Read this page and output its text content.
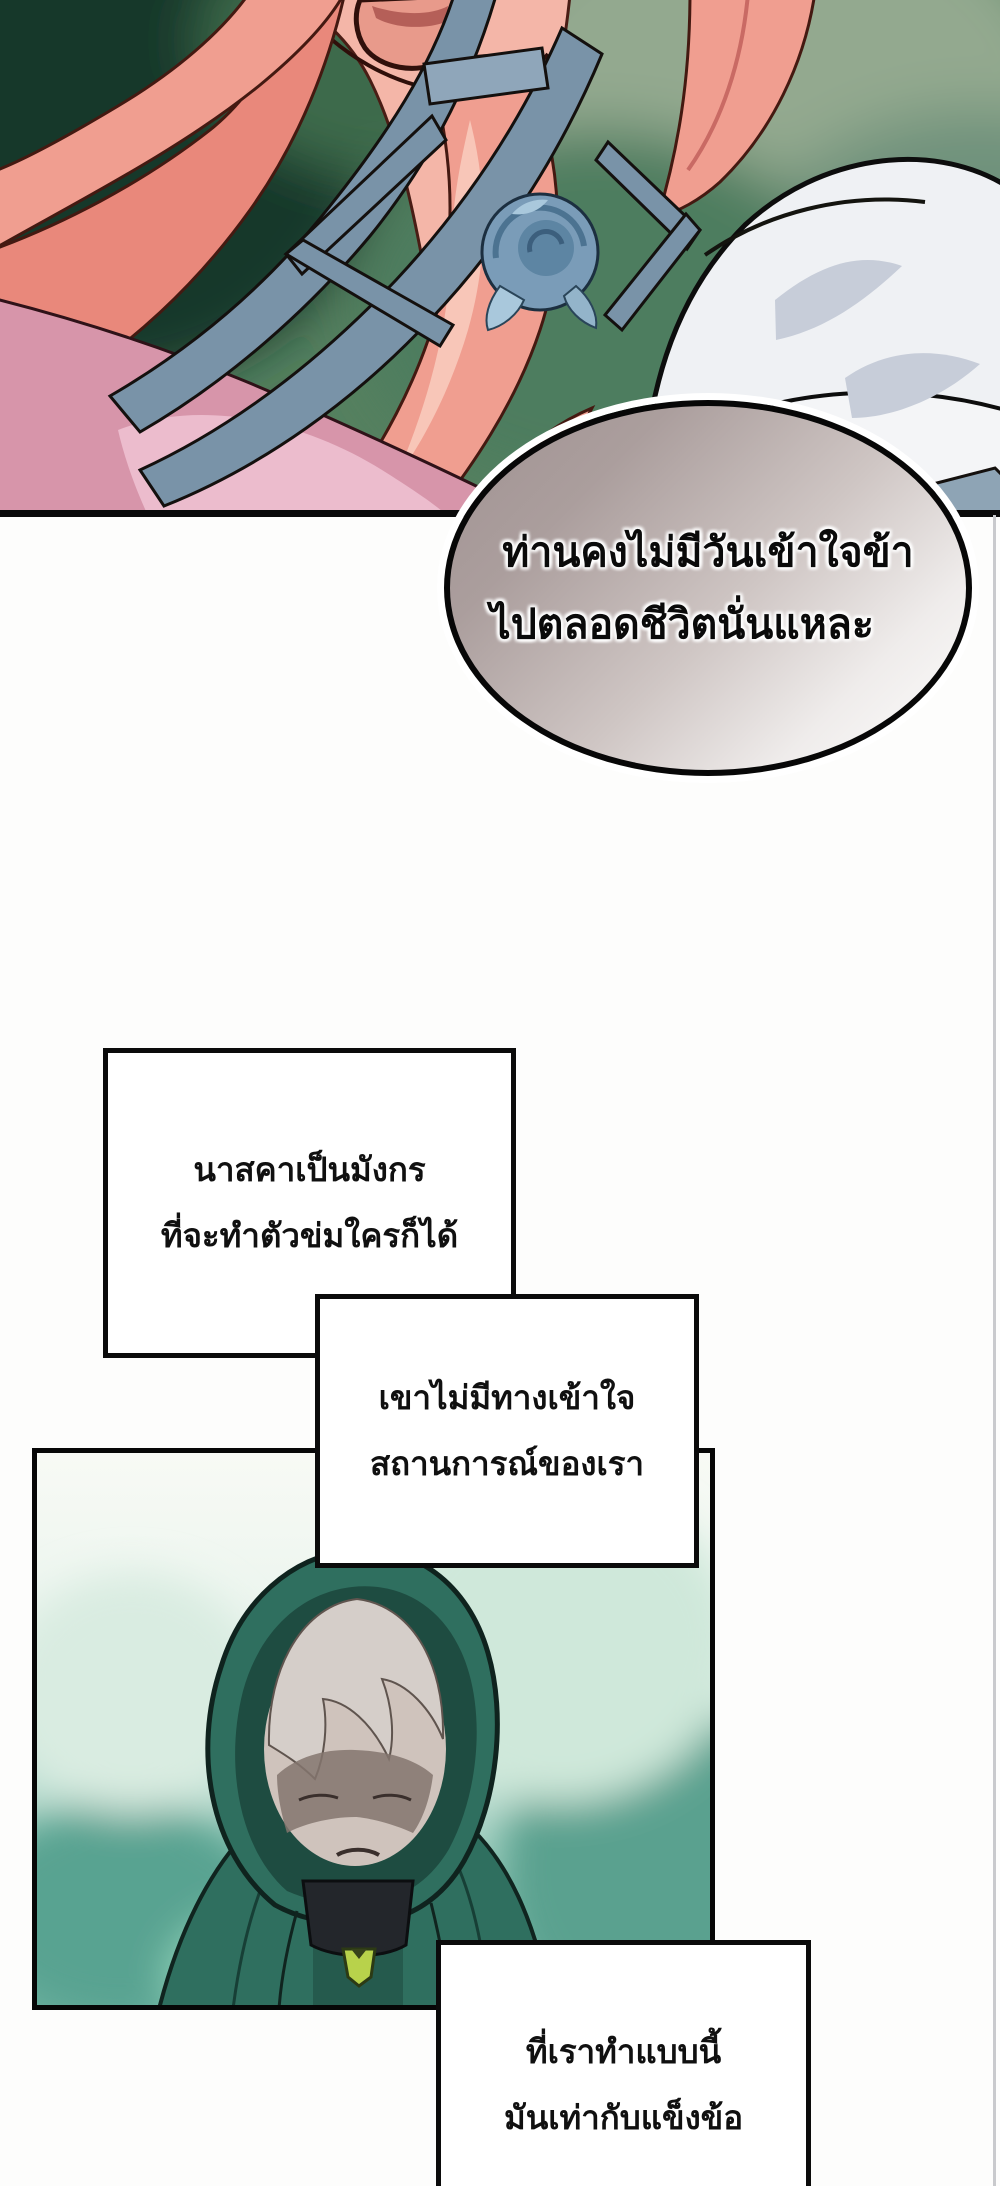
ท่านคงไม่มีวันเข้าใจข้า
ไปตลอดชีวิตนั่นแหละ
นาสคาเป็นมังกร
ที่จะทำตัวข่มใครก็ได้
เขาไม่มีทางเข้าใจ
สถานการณ์ของเรา
ที่เราทำแบบนี้
มันเท่ากับแข็งข้อ
